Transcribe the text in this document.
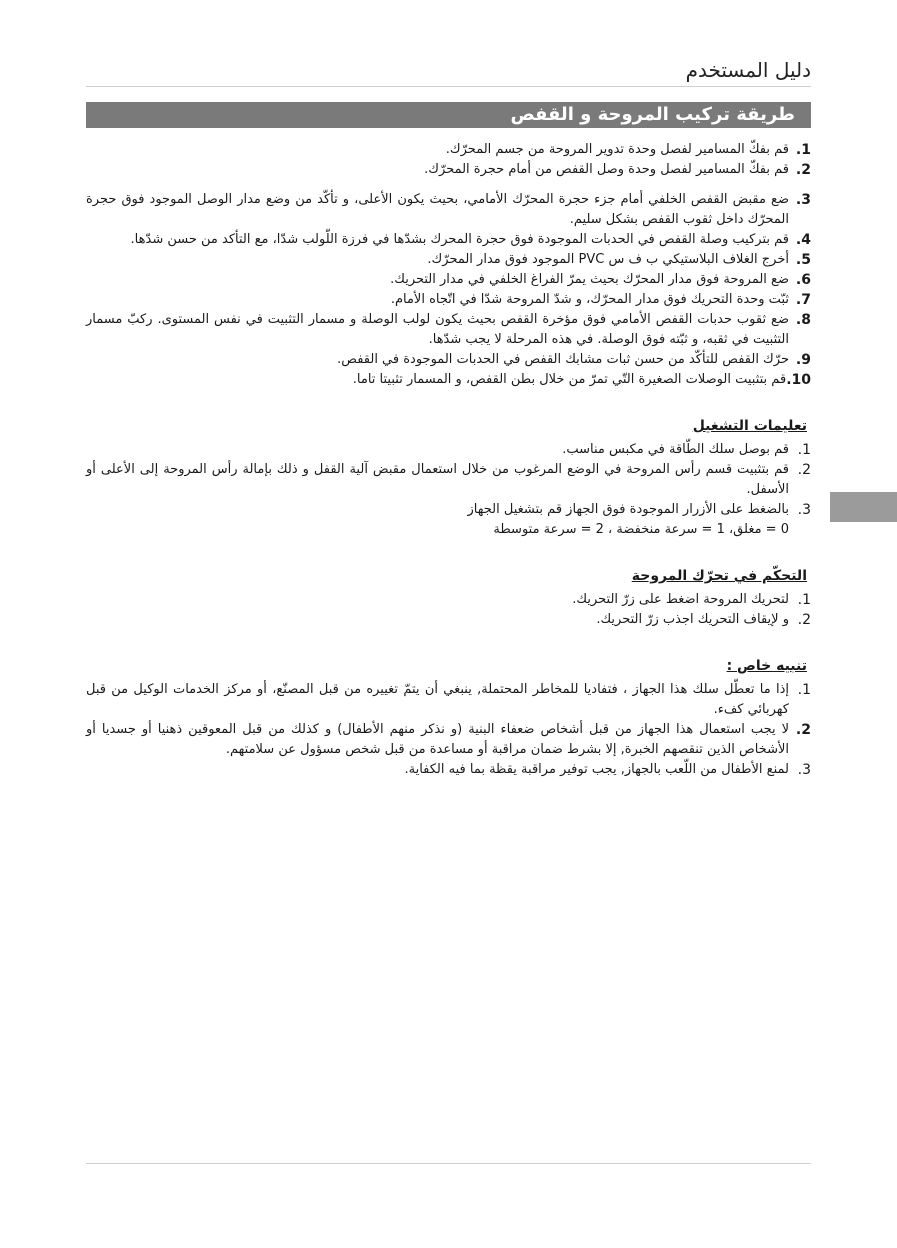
دليل المستخدم
طريقة تركيب المروحة و القفص
1.
قم بفكّ المسامير لفصل وحدة تدوير المروحة من جسم المحرّك.
2.
قم بفكّ المسامير لفصل وحدة وصل القفص من أمام حجرة المحرّك.
3.
ضع مقبض القفص الخلفي أمام جزء حجرة المحرّك الأمامي، بحيث يكون الأعلى، و تأكّد من وضع مدار الوصل الموجود فوق حجرة المحرّك داخل ثقوب القفص بشكل سليم.
4.
قم بتركيب وصلة القفص في الحدبات الموجودة فوق حجرة المحرك بشدّها في فرزة اللّولب شدّا، مع التأكد من حسن شدّها.
5.
أخرج الغلاف البلاستيكي ب ف س PVC الموجود فوق مدار المحرّك.
6.
ضع المروحة فوق مدار المحرّك بحيث يمرّ الفراغ الخلفي في مدار التحريك.
7.
ثبّت وحدة التحريك فوق مدار المحرّك، و شدّ المروحة شدّا في اتّجاه الأمام.
8.
ضع ثقوب حدبات القفص الأمامي فوق مؤخرة القفص بحيث يكون لولب الوصلة و مسمار التثبيت في نفس المستوى. ركبّ مسمار التثبيت في ثقبه، و ثبّته فوق الوصلة. في هذه المرحلة لا يجب شدّها.
9.
حرّك القفص للتأكّد من حسن ثبات مشابك القفص في الحدبات الموجودة في القفص.
10.
قم بتثبيت الوصلات الصغيرة التّي تمرّ من خلال بطن القفص، و المسمار تثبيتا تاما.
تعليمات التشغيل
1.
قم بوصل سلك الطّاقة في مكبس مناسب.
2.
قم بتثبيت قسم رأس المروحة في الوضع المرغوب من خلال استعمال مقبض آلية القفل و ذلك بإمالة رأس المروحة إلى الأعلى أو الأسفل.
3.
بالضغط على الأزرار الموجودة فوق الجهاز قم بتشغيل الجهاز
0 = مغلق، 1 = سرعة منخفضة ، 2 = سرعة متوسطة
التحكّم في تحرّك المروحة
1.
لتحريك المروحة اضغط على زرّ التحريك.
2.
و لإيقاف التحريك اجذب زرّ التحريك.
تنبيه خاص :
1.
إذا ما تعطّل سلك هذا الجهاز ، فتفاديا للمخاطر المحتملة, ينبغي أن يتمّ تغييره من قبل المصنّع، أو مركز الخدمات الوكيل من قبل كهربائي كفء.
2.
لا يجب استعمال هذا الجهاز من قبل أشخاص ضعفاء البنية (و نذكر منهم الأطفال) و كذلك من قبل المعوقين ذهنيا أو جسديا أو الأشخاص الذين تنقصهم الخبرة, إلا بشرط ضمان مراقبة أو مساعدة من قبل شخص مسؤول عن سلامتهم.
3.
لمنع الأطفال من اللّعب بالجهاز, يجب توفير مراقبة يقظة بما فيه الكفاية.
